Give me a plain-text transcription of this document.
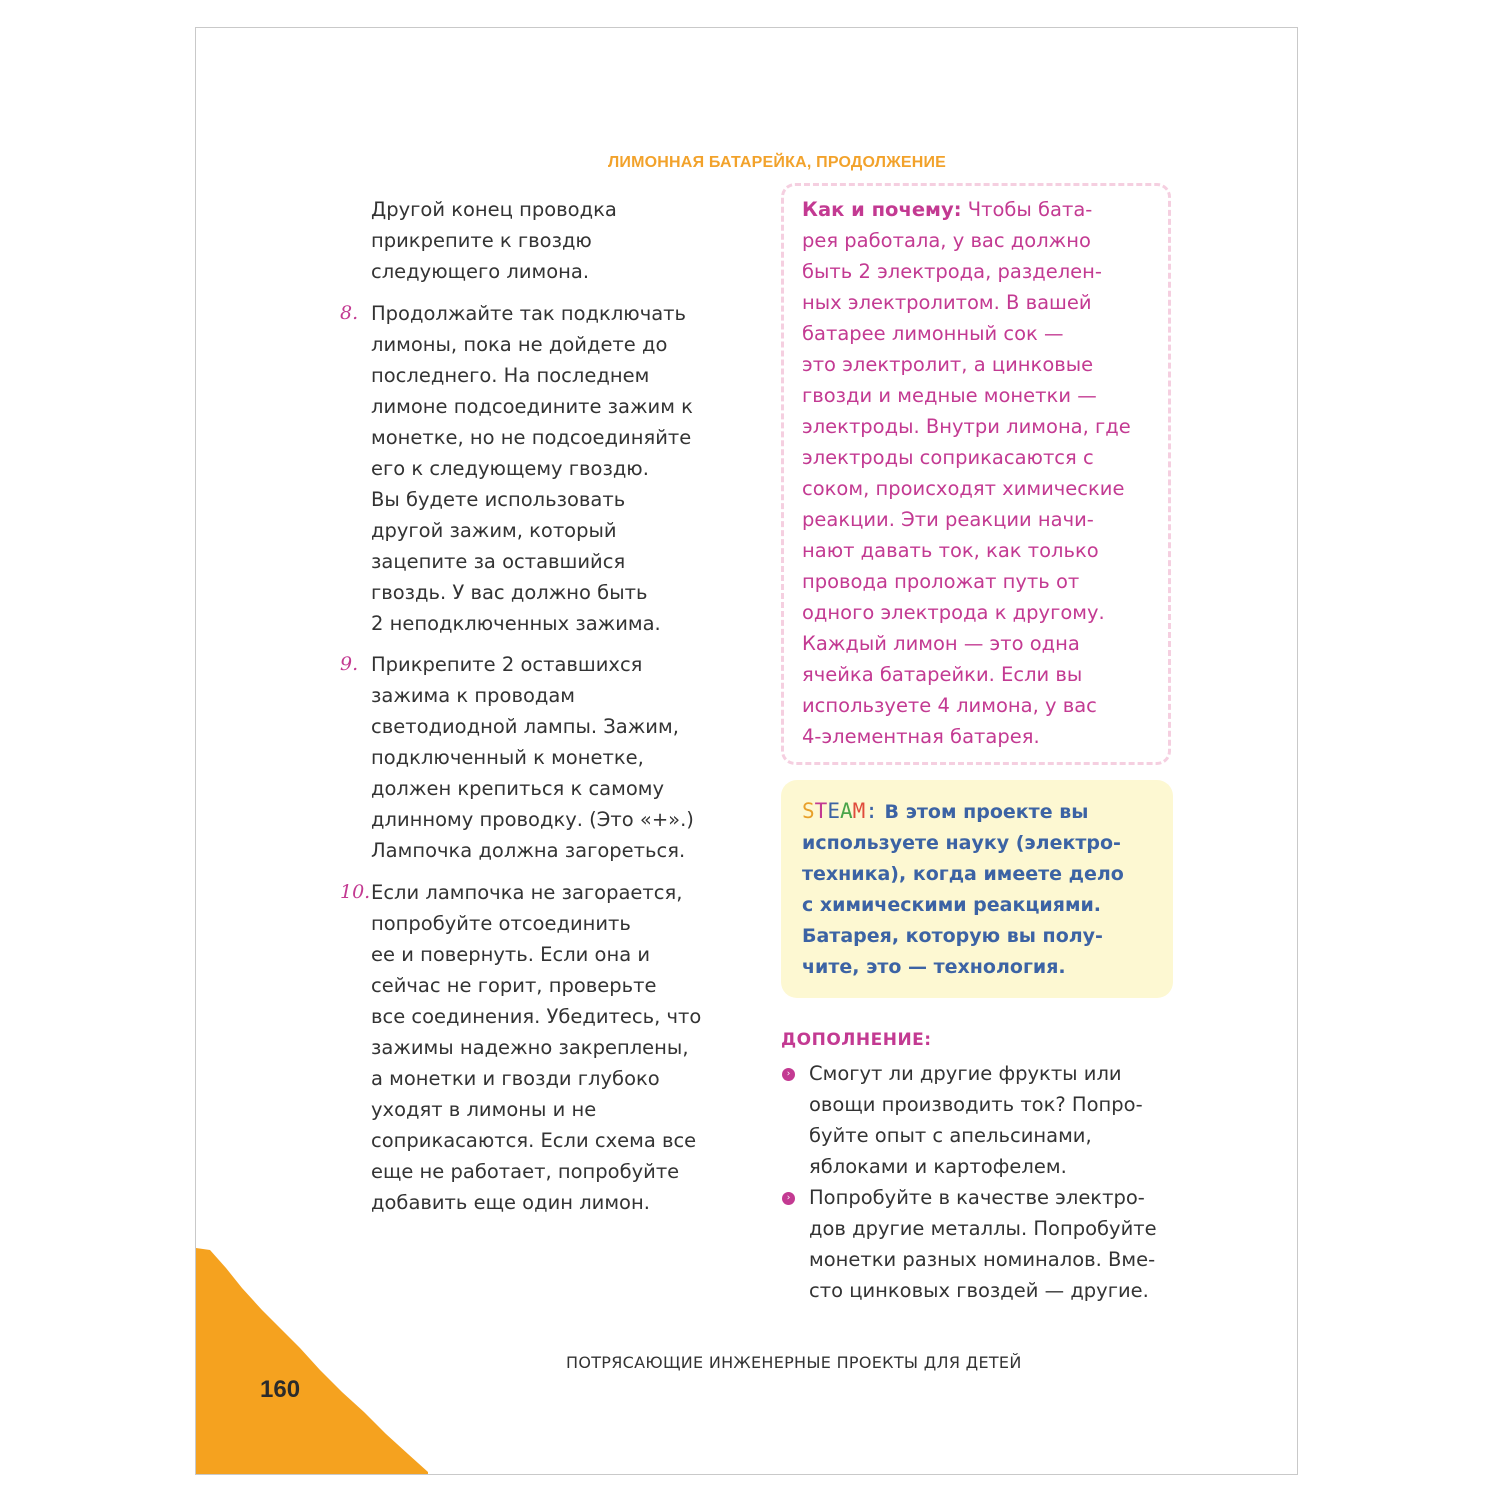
ЛИМОННАЯ БАТАРЕЙКА, ПРОДОЛЖЕНИЕ
Другой конец проводка
прикрепите к гвоздю
следующего лимона.
8. Продолжайте так подключать
лимоны, пока не дойдете до
последнего. На последнем
лимоне подсоедините зажим к
монетке, но не подсоединяйте
его к следующему гвоздю.
Вы будете использовать
другой зажим, который
зацепите за оставшийся
гвоздь. У вас должно быть
2 неподключенных зажима.
9. Прикрепите 2 оставшихся
зажима к проводам
светодиодной лампы. Зажим,
подключенный к монетке,
должен крепиться к самому
длинному проводку. (Это «+».)
Лампочка должна загореться.
10. Если лампочка не загорается,
попробуйте отсоединить
ее и повернуть. Если она и
сейчас не горит, проверьте
все соединения. Убедитесь, что
зажимы надежно закреплены,
а монетки и гвозди глубоко
уходят в лимоны и не
соприкасаются. Если схема все
еще не работает, попробуйте
добавить еще один лимон.
Как и почему: Чтобы бата-
рея работала, у вас должно
быть 2 электрода, разделен-
ных электролитом. В вашей
батарее лимонный сок —
это электролит, а цинковые
гвозди и медные монетки —
электроды. Внутри лимона, где
электроды соприкасаются с
соком, происходят химические
реакции. Эти реакции начи-
нают давать ток, как только
провода проложат путь от
одного электрода к другому.
Каждый лимон — это одна
ячейка батарейки. Если вы
используете 4 лимона, у вас
4-элементная батарея.
STEAM: В этом проекте вы
используете науку (электро-
техника), когда имеете дело
с химическими реакциями.
Батарея, которую вы полу-
чите, это — технология.
ДОПОЛНЕНИЕ:
› Смогут ли другие фрукты или
овощи производить ток? Попро-
буйте опыт с апельсинами,
яблоками и картофелем.
› Попробуйте в качестве электро-
дов другие металлы. Попробуйте
монетки разных номиналов. Вме-
сто цинковых гвоздей — другие.
ПОТРЯСАЮЩИЕ ИНЖЕНЕРНЫЕ ПРОЕКТЫ ДЛЯ ДЕТЕЙ
160
